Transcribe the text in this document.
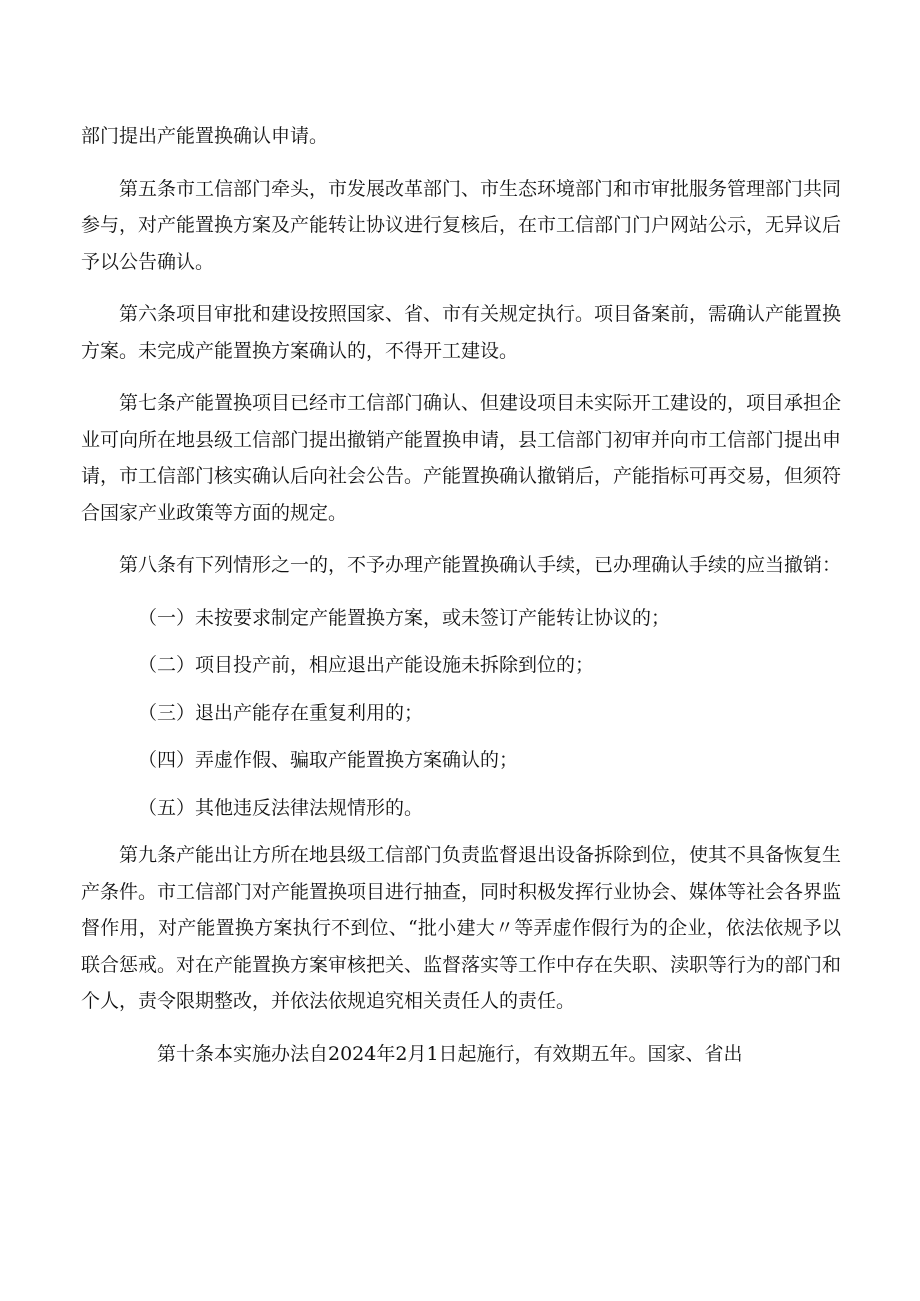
部门提出产能置换确认申请。

第五条市工信部门牵头，市发展改革部门、市生态环境部门和市审批服务管理部门共同参与，对产能置换方案及产能转让协议进行复核后，在市工信部门门户网站公示，无异议后予以公告确认。

第六条项目审批和建设按照国家、省、市有关规定执行。项目备案前，需确认产能置换方案。未完成产能置换方案确认的，不得开工建设。

第七条产能置换项目已经市工信部门确认、但建设项目未实际开工建设的，项目承担企业可向所在地县级工信部门提出撤销产能置换申请，县工信部门初审并向市工信部门提出申请，市工信部门核实确认后向社会公告。产能置换确认撤销后，产能指标可再交易，但须符合国家产业政策等方面的规定。

第八条有下列情形之一的，不予办理产能置换确认手续，已办理确认手续的应当撤销：

（一）未按要求制定产能置换方案，或未签订产能转让协议的；

（二）项目投产前，相应退出产能设施未拆除到位的；

（三）退出产能存在重复利用的；

（四）弄虚作假、骗取产能置换方案确认的；

（五）其他违反法律法规情形的。

第九条产能出让方所在地县级工信部门负责监督退出设备拆除到位，使其不具备恢复生产条件。市工信部门对产能置换项目进行抽查，同时积极发挥行业协会、媒体等社会各界监督作用，对产能置换方案执行不到位、“批小建大〃等弄虚作假行为的企业，依法依规予以联合惩戒。对在产能置换方案审核把关、监督落实等工作中存在失职、渎职等行为的部门和个人，责令限期整改，并依法依规追究相关责任人的责任。

第十条本实施办法自2024年2月1日起施行，有效期五年。国家、省出
